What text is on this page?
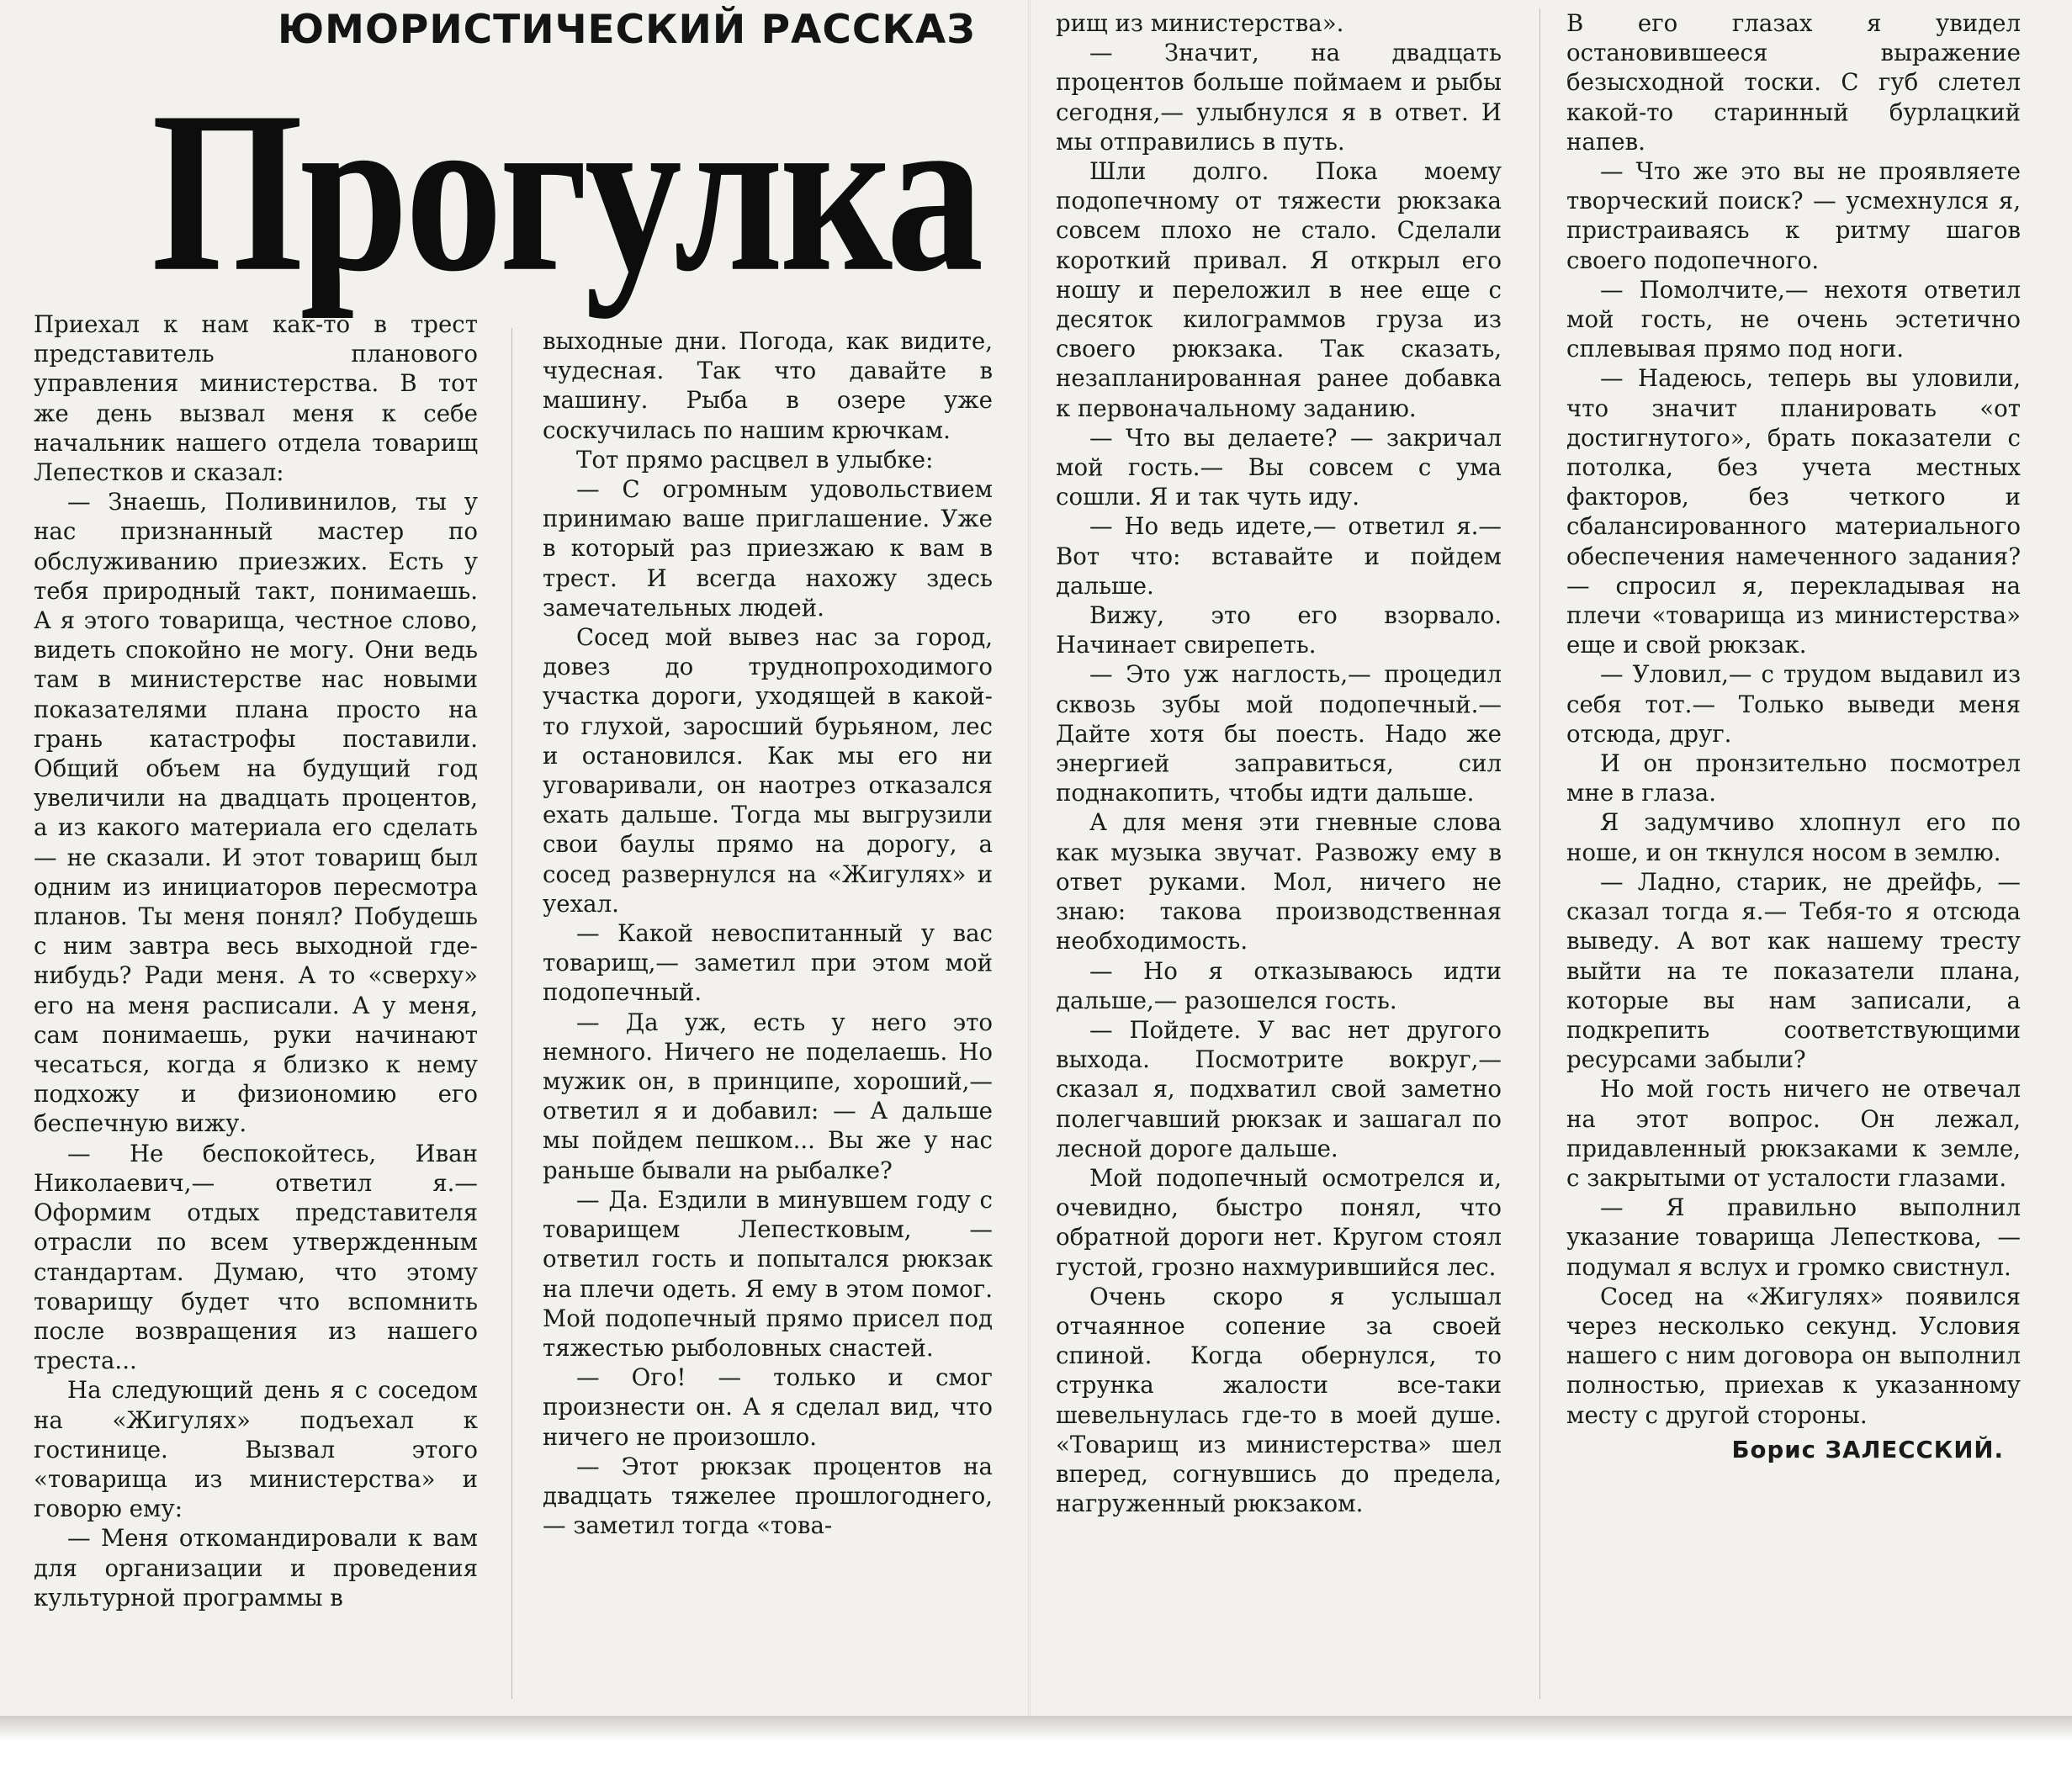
ЮМОРИСТИЧЕСКИЙ РАССКАЗ
Прогулка

Приехал к нам как-то в трест представитель планового управления министерства. В тот же день вызвал меня к себе начальник нашего отдела товарищ Лепестков и сказал:

— Знаешь, Поливинилов, ты у нас признанный мастер по обслуживанию приезжих. Есть у тебя природный такт, понимаешь. А я этого товарища, честное слово, видеть спокойно не могу. Они ведь там в министерстве нас новыми показателями плана просто на грань катастрофы поставили. Общий объем на будущий год увеличили на двадцать процентов, а из какого материала его сделать — не сказали. И этот товарищ был одним из инициаторов пересмотра планов. Ты меня понял? Побудешь с ним завтра весь выходной где-нибудь? Ради меня. А то «сверху» его на меня расписали. А у меня, сам понимаешь, руки начинают чесаться, когда я близко к нему подхожу и физиономию его беспечную вижу.

— Не беспокойтесь, Иван Николаевич,— ответил я.— Оформим отдых представителя отрасли по всем утвержденным стандартам. Думаю, что этому товарищу будет что вспомнить после возвращения из нашего треста...

На следующий день я с соседом на «Жигулях» подъехал к гостинице. Вызвал этого «товарища из министерства» и говорю ему:

— Меня откомандировали к вам для организации и проведения культурной программы в

выходные дни. Погода, как видите, чудесная. Так что давайте в машину. Рыба в озере уже соскучилась по нашим крючкам.

Тот прямо расцвел в улыбке:

— С огромным удовольствием принимаю ваше приглашение. Уже в который раз приезжаю к вам в трест. И всегда нахожу здесь замечательных людей.

Сосед мой вывез нас за город, довез до труднопроходимого участка дороги, уходящей в какой-то глухой, заросший бурьяном, лес и остановился. Как мы его ни уговаривали, он наотрез отказался ехать дальше. Тогда мы выгрузили свои баулы прямо на дорогу, а сосед развернулся на «Жигулях» и уехал.

— Какой невоспитанный у вас товарищ,— заметил при этом мой подопечный.

— Да уж, есть у него это немного. Ничего не поделаешь. Но мужик он, в принципе, хороший,— ответил я и добавил: — А дальше мы пойдем пешком... Вы же у нас раньше бывали на рыбалке?

— Да. Ездили в минувшем году с товарищем Лепестковым, — ответил гость и попытался рюкзак на плечи одеть. Я ему в этом помог. Мой подопечный прямо присел под тяжестью рыболовных снастей.

— Ого! — только и смог произнести он. А я сделал вид, что ничего не произошло.

— Этот рюкзак процентов на двадцать тяжелее прошлогоднего,— заметил тогда «това-

рищ из министерства».

— Значит, на двадцать процентов больше поймаем и рыбы сегодня,— улыбнулся я в ответ. И мы отправились в путь.

Шли долго. Пока моему подопечному от тяжести рюкзака совсем плохо не стало. Сделали короткий привал. Я открыл его ношу и переложил в нее еще с десяток килограммов груза из своего рюкзака. Так сказать, незапланированная ранее добавка к первоначальному заданию.

— Что вы делаете? — закричал мой гость.— Вы совсем с ума сошли. Я и так чуть иду.

— Но ведь идете,— ответил я.— Вот что: вставайте и пойдем дальше.

Вижу, это его взорвало. Начинает свирепеть.

— Это уж наглость,— процедил сквозь зубы мой подопечный.— Дайте хотя бы поесть. Надо же энергией заправиться, сил поднакопить, чтобы идти дальше.

А для меня эти гневные слова как музыка звучат. Развожу ему в ответ руками. Мол, ничего не знаю: такова производственная необходимость.

— Но я отказываюсь идти дальше,— разошелся гость.

— Пойдете. У вас нет другого выхода. Посмотрите вокруг,— сказал я, подхватил свой заметно полегчавший рюкзак и зашагал по лесной дороге дальше.

Мой подопечный осмотрелся и, очевидно, быстро понял, что обратной дороги нет. Кругом стоял густой, грозно нахмурившийся лес.

Очень скоро я услышал отчаянное сопение за своей спиной. Когда обернулся, то струнка жалости все-таки шевельнулась где-то в моей душе. «Товарищ из министерства» шел вперед, согнувшись до предела, нагруженный рюкзаком.

В его глазах я увидел остановившееся выражение безысходной тоски. С губ слетел какой-то старинный бурлацкий напев.

— Что же это вы не проявляете творческий поиск? — усмехнулся я, пристраиваясь к ритму шагов своего подопечного.

— Помолчите,— нехотя ответил мой гость, не очень эстетично сплевывая прямо под ноги.

— Надеюсь, теперь вы уловили, что значит планировать «от достигнутого», брать показатели с потолка, без учета местных факторов, без четкого и сбалансированного материального обеспечения намеченного задания? — спросил я, перекладывая на плечи «товарища из министерства» еще и свой рюкзак.

— Уловил,— с трудом выдавил из себя тот.— Только выведи меня отсюда, друг.

И он пронзительно посмотрел мне в глаза.

Я задумчиво хлопнул его по ноше, и он ткнулся носом в землю.

— Ладно, старик, не дрейфь, — сказал тогда я.— Тебя-то я отсюда выведу. А вот как нашему тресту выйти на те показатели плана, которые вы нам записали, а подкрепить соответствующими ресурсами забыли?

Но мой гость ничего не отвечал на этот вопрос. Он лежал, придавленный рюкзаками к земле, с закрытыми от усталости глазами.

— Я правильно выполнил указание товарища Лепесткова, — подумал я вслух и громко свистнул.

Сосед на «Жигулях» появился через несколько секунд. Условия нашего с ним договора он выполнил полностью, приехав к указанному месту с другой стороны.

Борис ЗАЛЕССКИЙ.
